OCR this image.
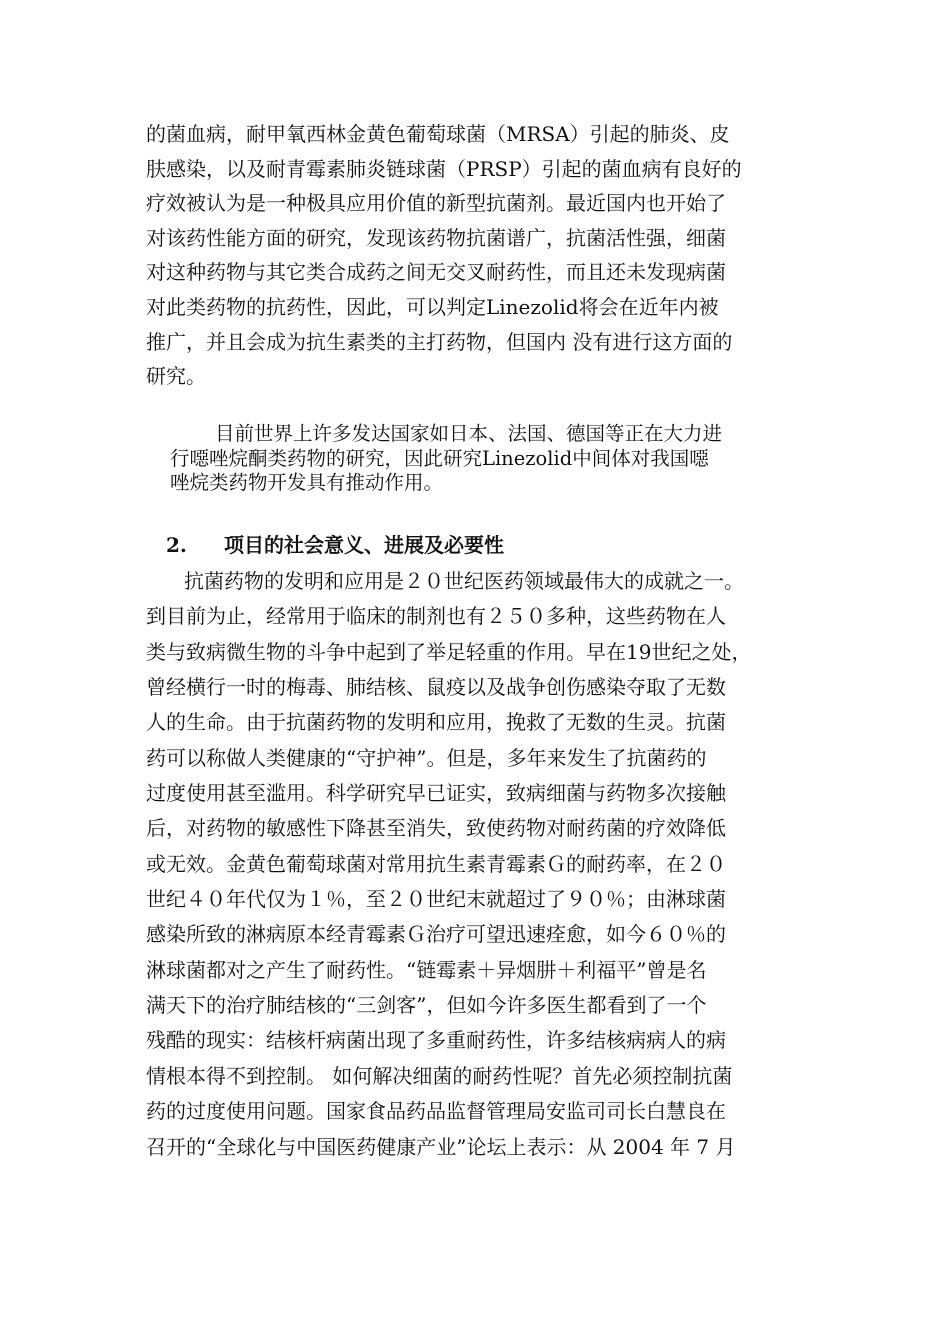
的菌血病，耐甲氧西林金黄色葡萄球菌（MRSA）引起的肺炎、皮
肤感染，以及耐青霉素肺炎链球菌（PRSP）引起的菌血病有良好的
疗效被认为是一种极具应用价值的新型抗菌剂。最近国内也开始了
对该药性能方面的研究，发现该药物抗菌谱广，抗菌活性强，细菌
对这种药物与其它类合成药之间无交叉耐药性，而且还未发现病菌
对此类药物的抗药性，因此，可以判定Linezolid将会在近年内被
推广，并且会成为抗生素类的主打药物，但国内 没有进行这方面的
研究。
目前世界上许多发达国家如日本、法国、德国等正在大力进
行噁唑烷酮类药物的研究，因此研究Linezolid中间体对我国噁
唑烷类药物开发具有推动作用。
2. 项目的社会意义、进展及必要性
抗菌药物的发明和应用是２０世纪医药领域最伟大的成就之一。
到目前为止，经常用于临床的制剂也有２５０多种，这些药物在人
类与致病微生物的斗争中起到了举足轻重的作用。早在19世纪之处，
曾经横行一时的梅毒、肺结核、鼠疫以及战争创伤感染夺取了无数
人的生命。由于抗菌药物的发明和应用，挽救了无数的生灵。抗菌
药可以称做人类健康的“守护神”。但是，多年来发生了抗菌药的
过度使用甚至滥用。科学研究早已证实，致病细菌与药物多次接触
后，对药物的敏感性下降甚至消失，致使药物对耐药菌的疗效降低
或无效。金黄色葡萄球菌对常用抗生素青霉素Ｇ的耐药率，在２０
世纪４０年代仅为１％，至２０世纪末就超过了９０％；由淋球菌
感染所致的淋病原本经青霉素Ｇ治疗可望迅速痊愈，如今６０％的
淋球菌都对之产生了耐药性。“链霉素＋异烟肼＋利福平”曾是名
满天下的治疗肺结核的“三剑客”，但如今许多医生都看到了一个
残酷的现实：结核杆病菌出现了多重耐药性，许多结核病病人的病
情根本得不到控制。 如何解决细菌的耐药性呢？首先必须控制抗菌
药的过度使用问题。国家食品药品监督管理局安监司司长白慧良在
召开的“全球化与中国医药健康产业”论坛上表示：从 2004 年 7 月
